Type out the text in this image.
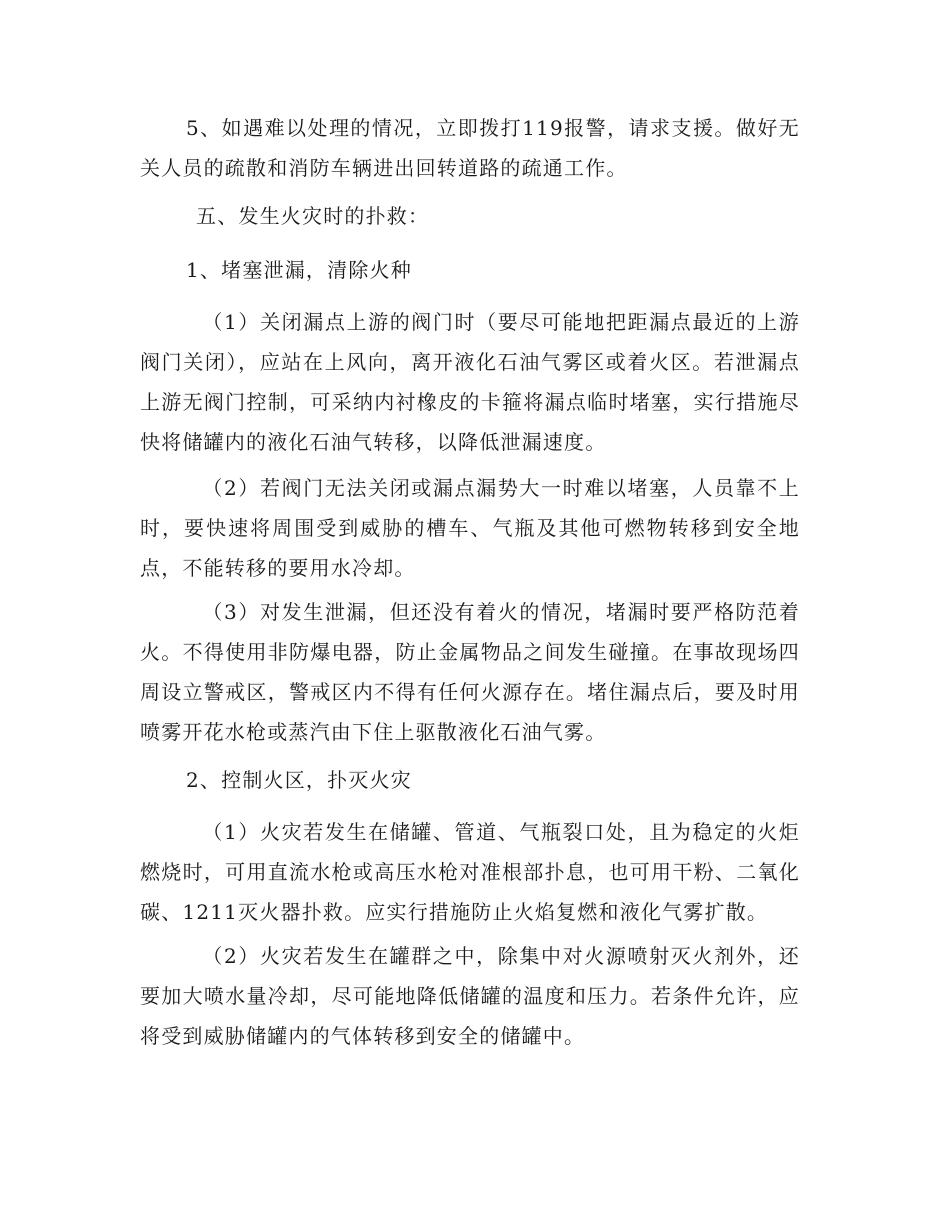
5、如遇难以处理的情况，立即拨打119报警，请求支援。做好无关人员的疏散和消防车辆进出回转道路的疏通工作。

五、发生火灾时的扑救：

1、堵塞泄漏，清除火种

（1）关闭漏点上游的阀门时（要尽可能地把距漏点最近的上游阀门关闭），应站在上风向，离开液化石油气雾区或着火区。若泄漏点上游无阀门控制，可采纳内衬橡皮的卡箍将漏点临时堵塞，实行措施尽快将储罐内的液化石油气转移，以降低泄漏速度。

（2）若阀门无法关闭或漏点漏势大一时难以堵塞，人员靠不上时，要快速将周围受到威胁的槽车、气瓶及其他可燃物转移到安全地点，不能转移的要用水冷却。

（3）对发生泄漏，但还没有着火的情况，堵漏时要严格防范着火。不得使用非防爆电器，防止金属物品之间发生碰撞。在事故现场四周设立警戒区，警戒区内不得有任何火源存在。堵住漏点后，要及时用喷雾开花水枪或蒸汽由下住上驱散液化石油气雾。

2、控制火区，扑灭火灾

（1）火灾若发生在储罐、管道、气瓶裂口处，且为稳定的火炬燃烧时，可用直流水枪或高压水枪对准根部扑息，也可用干粉、二氧化碳、1211灭火器扑救。应实行措施防止火焰复燃和液化气雾扩散。

（2）火灾若发生在罐群之中，除集中对火源喷射灭火剂外，还要加大喷水量冷却，尽可能地降低储罐的温度和压力。若条件允许，应将受到威胁储罐内的气体转移到安全的储罐中。
